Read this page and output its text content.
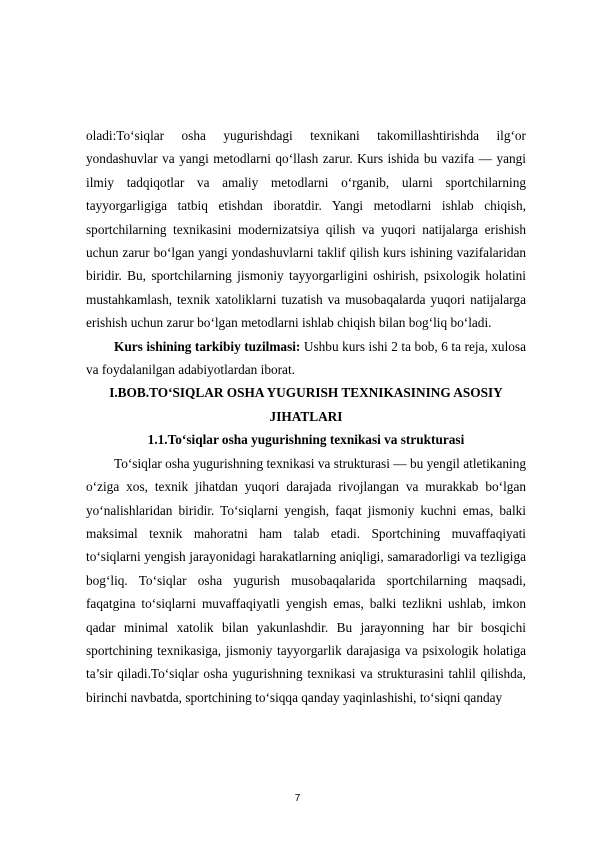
oladi:To‘siqlar osha yugurishdagi texnikani takomillashtirishda ilg‘or yondashuvlar va yangi metodlarni qo‘llash zarur. Kurs ishida bu vazifa — yangi ilmiy tadqiqotlar va amaliy metodlarni o‘rganib, ularni sportchilarning tayyorgarligiga tatbiq etishdan iboratdir. Yangi metodlarni ishlab chiqish, sportchilarning texnikasini modernizatsiya qilish va yuqori natijalarga erishish uchun zarur bo‘lgan yangi yondashuvlarni taklif qilish kurs ishining vazifalaridan biridir. Bu, sportchilarning jismoniy tayyorgarligini oshirish, psixologik holatini mustahkamlash, texnik xatoliklarni tuzatish va musobaqalarda yuqori natijalarga erishish uchun zarur bo‘lgan metodlarni ishlab chiqish bilan bog‘liq bo‘ladi.

Kurs ishining tarkibiy tuzilmasi: Ushbu kurs ishi 2 ta bob, 6 ta reja, xulosa va foydalanilgan adabiyotlardan iborat.

I.BOB.TO‘SIQLAR OSHA YUGURISH TEXNIKASINING ASOSIY JIHATLARI

1.1.To‘siqlar osha yugurishning texnikasi va strukturasi

To‘siqlar osha yugurishning texnikasi va strukturasi — bu yengil atletikaning o‘ziga xos, texnik jihatdan yuqori darajada rivojlangan va murakkab bo‘lgan yo‘nalishlaridan biridir. To‘siqlarni yengish, faqat jismoniy kuchni emas, balki maksimal texnik mahoratni ham talab etadi. Sportchining muvaffaqiyati to‘siqlarni yengish jarayonidagi harakatlarning aniqligi, samaradorligi va tezligiga bog‘liq. To‘siqlar osha yugurish musobaqalarida sportchilarning maqsadi, faqatgina to‘siqlarni muvaffaqiyatli yengish emas, balki tezlikni ushlab, imkon qadar minimal xatolik bilan yakunlashdir. Bu jarayonning har bir bosqichi sportchining texnikasiga, jismoniy tayyorgarlik darajasiga va psixologik holatiga ta’sir qiladi.To‘siqlar osha yugurishning texnikasi va strukturasini tahlil qilishda, birinchi navbatda, sportchining to‘siqqa qanday yaqinlashishi, to‘siqni qanday

7
